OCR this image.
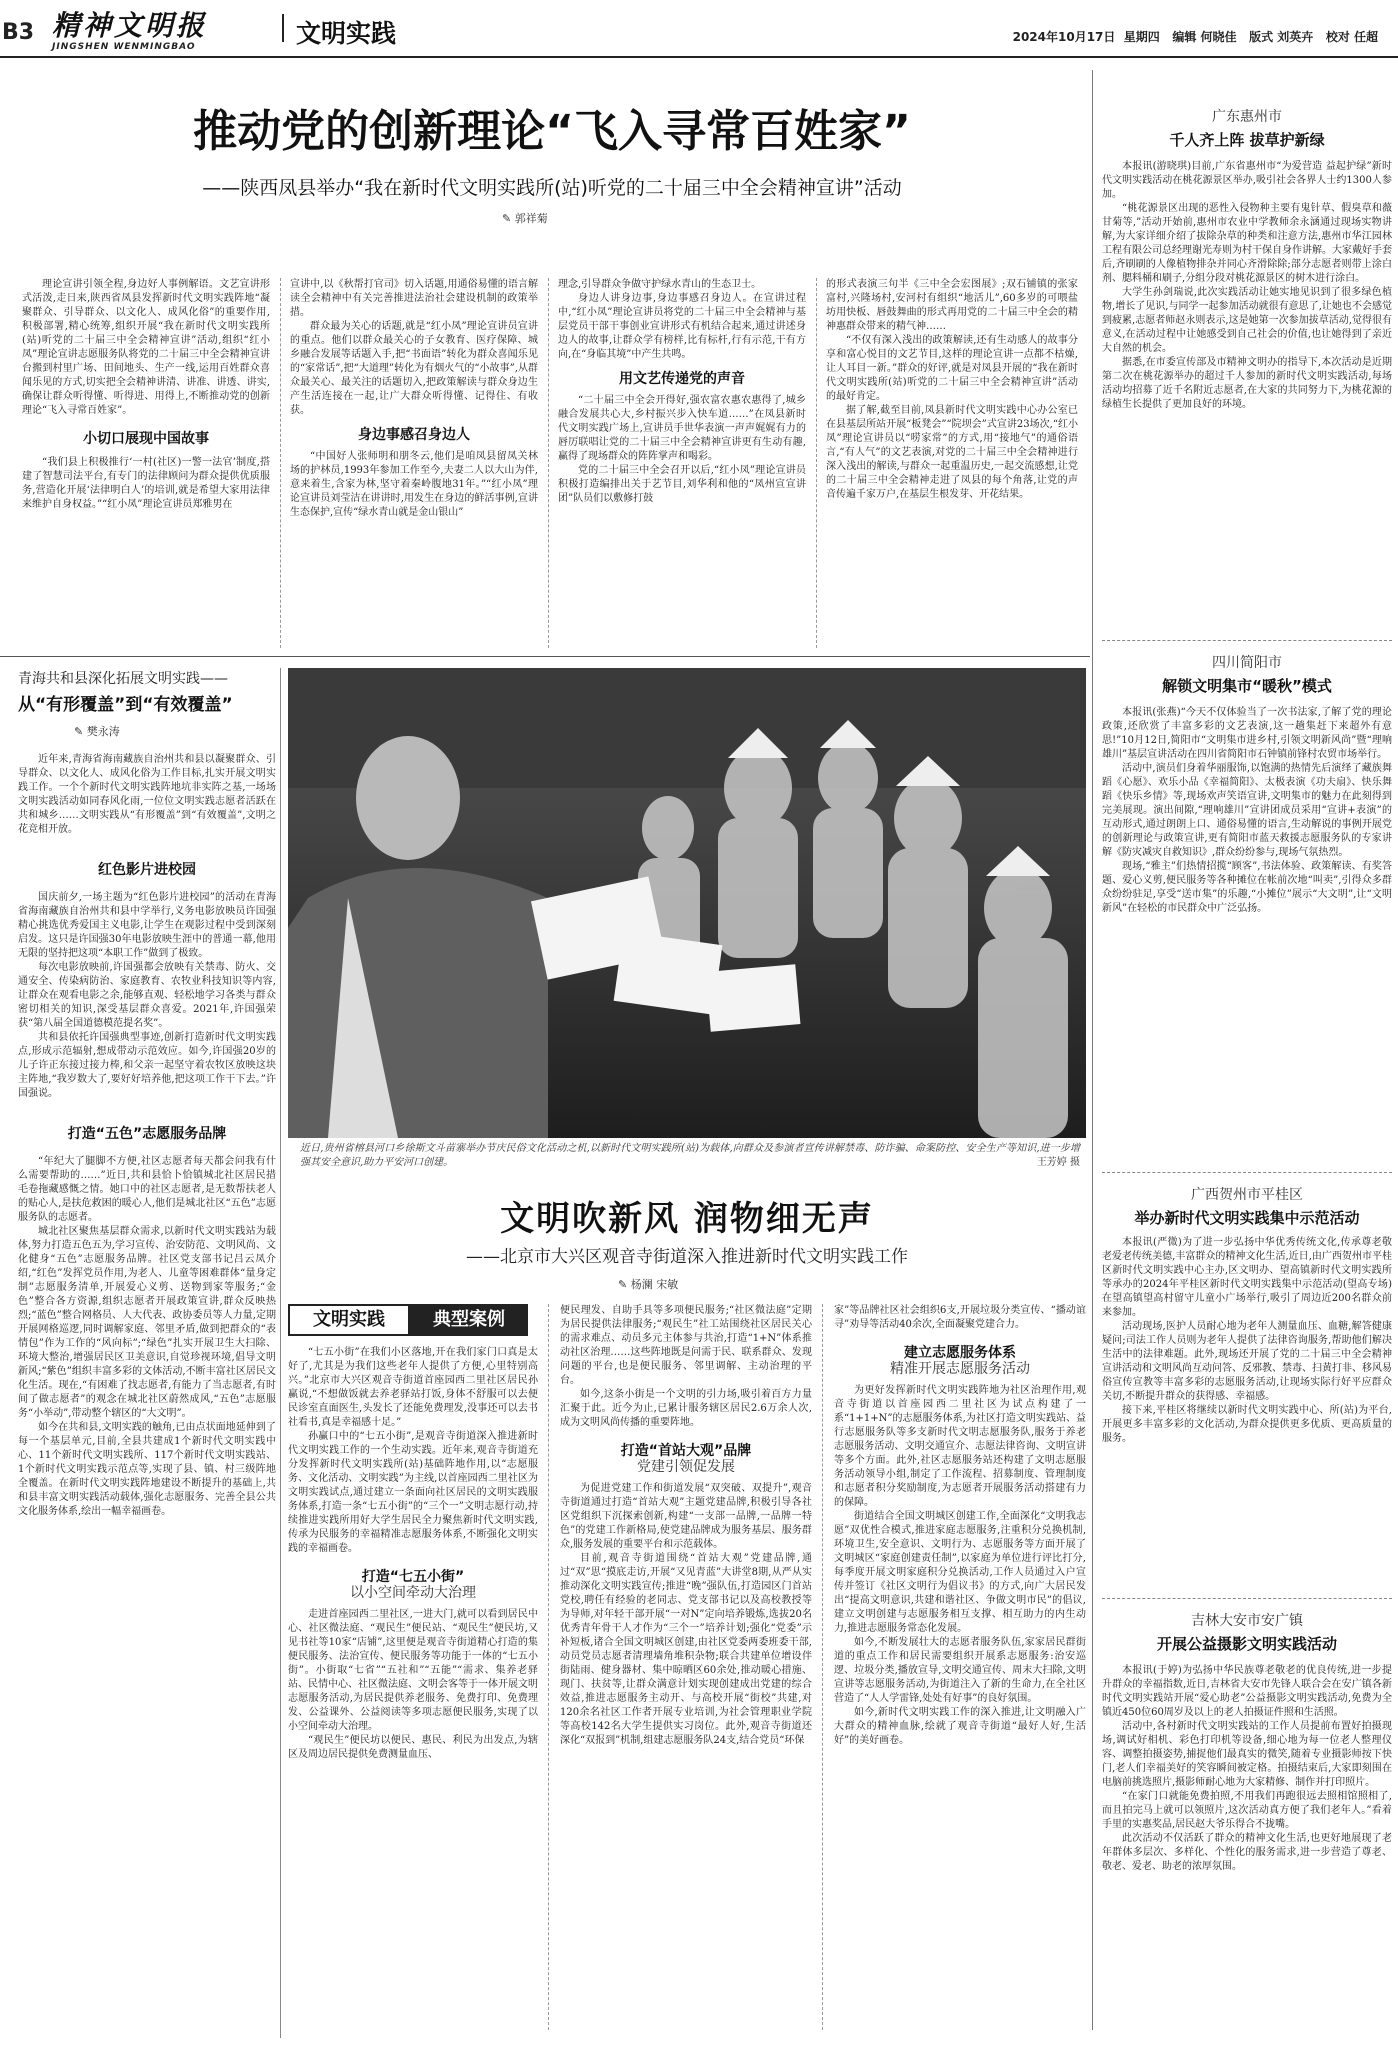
B3 精神文明报
JINGSHEN WENMINGBAO	文明实践	2024年10月17日 星期四 编辑 何晓佳 版式 刘英卉 校对 任超
推动党的创新理论“飞入寻常百姓家”
——陕西凤县举办“我在新时代文明实践所(站)听党的二十届三中全会精神宣讲”活动
✎ 郭祥菊

理论宣讲引领全程,身边好人事例解语。文艺宣讲形式活泼,走日来,陕西省凤县发挥新时代文明实践阵地“凝聚群众、引导群众、以文化人、成风化俗”的重要作用,积极部署,精心统筹,组织开展“我在新时代文明实践所(站)听党的二十届三中全会精神宣讲”活动,组织“红小凤”理论宣讲志愿服务队将党的二十届三中全会精神宣讲台搬到村里广场、田间地头、生产一线,运用百姓群众喜闻乐见的方式,切实把全会精神讲清、讲准、讲透、讲实,确保让群众听得懂、听得进、用得上,不断推动党的创新理论“飞入寻常百姓家”。

小切口展现中国故事

“我们县上积极推行‘一村(社区)一警一法官’制度,搭建了智慧司法平台,有专门的法律顾问为群众提供优质服务,营造化开展‘法律明白人’的培训,就是希望大家用法律来维护自身权益。”“红小凤”理论宣讲员郑雅男在

宣讲中,以《秋帮打官司》切入话题,用通俗易懂的语言解读全会精神中有关完善推进法治社会建设机制的政策举措。

群众最为关心的话题,就是“红小凤”理论宣讲员宣讲的重点。他们以群众最关心的子女教育、医疗保障、城乡融合发展等话题入手,把“书面语”转化为群众喜闻乐见的“家常话”,把“大道理”转化为有烟火气的“小故事”,从群众最关心、最关注的话题切入,把政策解读与群众身边生产生活连接在一起,让广大群众听得懂、记得住、有收获。

身边事感召身边人

“中国好人张师明和朋冬云,他们是咱凤县留凤关林场的护林员,1993年参加工作至今,夫妻二人以大山为伴,意来着生,含家为林,坚守着秦岭腹地31年。”“红小凤”理论宣讲员刘莹洁在讲讲时,用发生在身边的鲜活事例,宣讲生态保护,宣传“绿水青山就是金山银山”

理念,引导群众争做守护绿水青山的生态卫士。

身边人讲身边事,身边事感召身边人。在宣讲过程中,“红小凤”理论宣讲员将党的二十届三中全会精神与基层党员干部干事创业宣讲形式有机结合起来,通过讲述身边人的故事,让群众学有榜样,比有标杆,行有示范,干有方向,在“身临其境”中产生共鸣。

用文艺传递党的声音

“二十届三中全会开得好,强农富农惠农惠得了,城乡融合发展共心大,乡村振兴步入快车道……”在凤县新时代文明实践广场上,宣讲员手世华表演一声声娓娓有力的唇厉联唱让党的二十届三中全会精神宣讲更有生动有趣,赢得了现场群众的阵阵掌声和喝彩。

党的二十届三中全会召开以后,“红小凤”理论宣讲员积极打造编排出关于艺节目,刘华利和他的“凤州宣宣讲团”队员们以敷修打鼓

的形式表演三句半《三中全会宏图展》;双石铺镇的张家富村,兴隆场村,安河村有组织“地活儿”,60多岁的可喂盐坊用快板、唇鼓舞曲的形式再用党的二十届三中全会的精神惠群众带来的精气神……

“不仅有深入浅出的政策解读,还有生动感人的故事分享和富心悦目的文艺节目,这样的理论宣讲一点都不枯燥,让人耳目一新。”群众的好评,就是对凤县开展的“我在新时代文明实践所(站)听党的二十届三中全会精神宣讲”活动的最好肯定。

据了解,截至目前,凤县新时代文明实践中心办公室已在县基层所站开展“板凳会”“院坝会”式宣讲23场次,“红小凤”理论宣讲员以“唠家常”的方式,用“接地气”的通俗语言,“有人气”的文艺表演,对党的二十届三中全会精神进行深入浅出的解读,与群众一起重温历史,一起交流感想,让党的二十届三中全会精神走进了凤县的每个角落,让党的声音传遍千家万户,在基层生根发芽、开花结果。

广东惠州市
千人齐上阵 拔草护新绿

本报讯(游晓琪)目前,广东省惠州市“为爱营造 益起护绿”新时代文明实践活动在桃花源景区举办,吸引社会各界人士约1300人参加。

“桃花源景区出现的恶性入侵物种主要有鬼针草、假臭草和薇甘菊等,”活动开始前,惠州市农业中学教师余永涵通过现场实物讲解,为大家详细介绍了拔除杂草的种类和注意方法,惠州市华江园林工程有限公司总经理谢光寿则为村干保自身作讲解。大家戴好手套后,齐刷刷的人像植物排杂并同心齐滑除除;部分志愿者则带上涂白剂、腮料桶和刷子,分组分段对桃花源景区的树木进行涂白。

大学生孙剑瑞说,此次实践活动让她实地见识到了很多绿色植物,增长了见识,与同学一起参加活动就很有意思了,让她也不会感觉到疲累,志愿者师赵永则表示,这是她第一次参加拔草活动,觉得很有意义,在活动过程中让她感受到自己社会的价值,也让她得到了亲近大自然的机会。

据悉,在市委宣传部及市精神文明办的指导下,本次活动是近期第二次在桃花源举办的超过千人参加的新时代文明实践活动,每场活动均招募了近千名附近志愿者,在大家的共同努力下,为桃花源的绿植生长提供了更加良好的环境。

四川简阳市
解锁文明集市“暖秋”模式

本报讯(张燕)“今天不仅体验当了一次书法家,了解了党的理论政策,还欣赏了丰富多彩的文艺表演,这一趟集赶下来超外有意思!”10月12日,简阳市“文明集市进乡村,引领文明新风尚”暨“理响雄川”基层宣讲活动在四川省简阳市石钟镇前锋村农贸市场举行。

活动中,演员们身着华丽服饰,以饱满的热情先后演绎了藏族舞蹈《心愿》、欢乐小品《幸福简阳》、太极表演《功夫扇》、快乐舞蹈《快乐乡情》等,现场欢声笑语宣讲,文明集市的魅力在此刻得到完美展现。演出间隙,“理响雄川”宣讲团成员采用“宣讲+表演”的互动形式,通过朗朗上口、通俗易懂的语言,生动解说的事例开展党的创新理论与政策宣讲,更有简阳市蓝天救援志愿服务队的专家讲解《防灾减灾自救知识》,群众纷纷参与,现场气氛热烈。

现场,“雅主”们热情招揽“顾客”,书法体验、政策解读、有奖答题、爱心义剪,便民服务等各种摊位在帐前次地“叫卖”,引得众多群众纷纷驻足,享受“送市集”的乐趣,“小摊位”展示“大文明”,让“文明新风”在轻松的市民群众中广泛弘扬。

广西贺州市平桂区
举办新时代文明实践集中示范活动

本报讯(严微)为了进一步弘扬中华优秀传统文化,传承尊老敬老爱老传统美德,丰富群众的精神文化生活,近日,由广西贺州市平桂区新时代文明实践中心主办,区文明办、望高镇新时代文明实践所等承办的2024年平桂区新时代文明实践集中示范活动(望高专场)在望高镇望高村留守儿童小广场举行,吸引了周边近200名群众前来参加。

活动现场,医护人员耐心地为老年人测量血压、血糖,解答健康疑问;司法工作人员则为老年人提供了法律咨询服务,帮助他们解决生活中的法律难题。此外,现场还开展了党的二十届三中全会精神宣讲活动和文明风尚互动问答、反邪教、禁毒、扫黄打非、移风易俗宣传宣教等丰富多彩的志愿服务活动,让现场实际行好平应群众关切,不断提升群众的获得感、幸福感。

接下来,平桂区将继续以新时代文明实践中心、所(站)为平台,开展更多丰富多彩的文化活动,为群众提供更多优质、更高质量的服务。

吉林大安市安广镇
开展公益摄影文明实践活动

本报讯(于婷)为弘扬中华民族尊老敬老的优良传统,进一步提升群众的幸福指数,近日,吉林省大安市先锋人联合会在安广镇各新时代文明实践站开展“爱心助老”公益摄影文明实践活动,免费为全镇近450位60周岁及以上的老人拍摄证件照和生活照。

活动中,各村新时代文明实践站的工作人员提前布置好拍摄现场,调试好相机、彩色打印机等设备,细心地为每一位老人整理仪容、调整拍摄姿势,捕捉他们最真实的微笑,随着专业摄影师按下快门,老人们幸福美好的笑容瞬间被定格。拍摄结束后,大家即刻围在电脑前挑选照片,摄影师耐心地为大家精修、制作并打印照片。

“在家门口就能免费拍照,不用我们再跑很远去照相馆照相了,而且拍完马上就可以领照片,这次活动真方便了我们老年人。”看着手里的实惠奖品,居民赵大爷乐得合不拢嘴。

此次活动不仅活跃了群众的精神文化生活,也更好地展现了老年群体多层次、多样化、个性化的服务需求,进一步营造了尊老、敬老、爱老、助老的浓厚氛围。

青海共和县深化拓展文明实践——
从“有形覆盖”到“有效覆盖”
✎ 樊永涛

近年来,青海省海南藏族自治州共和县以凝聚群众、引导群众、以文化人、成风化俗为工作目标,扎实开展文明实践工作。一个个新时代文明实践阵地坑非实阵之基,一场场文明实践活动如同春风化雨,一位位文明实践志愿者活跃在共和城乡……文明实践从“有形覆盖”到“有效覆盖”,文明之花竞相开放。

红色影片进校园

国庆前夕,一场主题为“红色影片进校园”的活动在青海省海南藏族自治州共和县中学举行,义务电影放映员许国强精心挑选优秀爱国主义电影,让学生在观影过程中受到深刻启发。这只是许国强30年电影放映生涯中的普通一幕,他用无限的坚持把这项“本职工作”做到了极致。

每次电影放映前,许国强都会放映有关禁毒、防火、交通安全、传染病防治、家庭教育、农牧业科技知识等内容,让群众在观看电影之余,能够直观、轻松地学习各类与群众密切相关的知识,深受基层群众喜爱。2021年,许国强荣获“第八届全国道德模范提名奖”。

共和县依托许国强典型事迹,创新打造新时代文明实践点,形成示范辐射,想成带动示范效应。如今,许国强20岁的儿子许正东接过接力棒,和父亲一起坚守着农牧区放映这块主阵地,“我岁数大了,要好好培养他,把这项工作干下去。”许国强说。

打造“五色”志愿服务品牌

“年纪大了腿脚不方便,社区志愿者每天都会问我有什么需要帮助的……”近日,共和县恰卜恰镇城北社区居民措毛卷拖藏感慨之情。她口中的社区志愿者,是无数帮扶老人的贴心人,是扶危救困的暖心人,他们是城北社区“五色”志愿服务队的志愿者。

城北社区聚焦基层群众需求,以新时代文明实践站为载体,努力打造五色五为,学习宣传、治安防范、文明风尚、文化健身“五色”志愿服务品牌。社区党支部书记吕云凤介绍,“红色”发挥党员作用,为老人、儿童等困难群体“量身定制”志愿服务清单,开展爱心义剪、送物到家等服务;“金色”整合各方资源,组织志愿者开展政策宣讲,群众反映热烈;“蓝色”整合网格员、人大代表、政协委员等人力量,定期开展网格巡逻,同时调解家庭、邻里矛盾,做到把群众的“表情包”作为工作的“风向标”;“绿色”扎实开展卫生大扫除、环境大整治,增强居民区卫美意识,自觉珍视环境,倡导文明新风;“紫色”组织丰富多彩的文体活动,不断丰富社区居民文化生活。现在,“有困难了找志愿者,有能力了当志愿者,有时间了做志愿者”的观念在城北社区蔚然成风,“五色”志愿服务“小举动”,带动整个辖区的“大文明”。

如今在共和县,文明实践的触角,已由点状面地延伸到了每一个基层单元,目前,全县共建成1个新时代文明实践中心、11个新时代文明实践所、117个新时代文明实践站、1个新时代文明实践示范点等,实现了县、镇、村三级阵地全覆盖。在新时代文明实践阵地建设不断提升的基础上,共和县丰富文明实践活动载体,强化志愿服务、完善全县公共文化服务体系,绘出一幅幸福画卷。

近日,贵州省榕县河口乡徐斯文斗苗寨举办节庆民俗文化活动之机,以新时代文明实践所(站)为载体,向群众及参演者宣传讲解禁毒、防诈骗、命案防控、安全生产等知识,进一步增强其安全意识,助力平安河口创建。	王芳婷 摄
文明吹新风 润物细无声
——北京市大兴区观音寺街道深入推进新时代文明实践工作
✎ 杨澜 宋敏
文明实践	典型案例

“七五小街”在我们小区落地,开在我们家门口真是太好了,尤其是为我们这些老年人提供了方便,心里特别高兴。”北京市大兴区观音寺街道首座园西二里社区居民孙赢说,“不想做饭就去养老驿站打饭,身体不舒服可以去便民诊室直面医生,头发长了还能免费理发,没事还可以去书社看书,真是幸福感十足。”

孙赢口中的“七五小街”,是观音寺街道深入推进新时代文明实践工作的一个生动实践。近年来,观音寺街道充分发挥新时代文明实践所(站)基础阵地作用,以“志愿服务、文化活动、文明实践”为主线,以首座园西二里社区为文明实践试点,通过建立一条面向社区居民的文明实践服务体系,打造一条“七五小街”的“三个一”文明志愿行动,持续推进实践所用好大学生居民全力聚焦新时代文明实践,传承为民服务的幸福精准志愿服务体系,不断强化文明实践的幸福画卷。

打造“七五小街”
以小空间牵动大治理

走进首座园西二里社区,一进大门,就可以看到居民中心、社区微法庭、“观民生”便民站、“观民生”便民坊,又见书社等10家“店铺”,这里便是观音寺街道精心打造的集便民服务、法治宣传、便民服务等功能于一体的“七五小街”。小街取“七省”“五社和”“五能”“需求、集养老驿站、民情中心、社区微法庭、文明会客等于一体开展文明志愿服务活动,为居民提供养老服务、免费打印、免费理发、公益课外、公益阅读等多项志愿便民服务,实现了以小空间牵动大治理。

“观民生”便民坊以便民、惠民、利民为出发点,为辖区及周边居民提供免费测量血压、

便民理发、自助手具等多项便民服务;“社区微法庭”定期为居民提供法律服务;“观民生”社工站围绕社区居民关心的需求难点、动员多元主体参与共治,打造“1+N”体系推动社区治理……这些阵地既是问需于民、联系群众、发现问题的平台,也是便民服务、邻里调解、主动治理的平台。

如今,这条小街是一个文明的引力场,吸引着百方力量汇聚于此。近今为止,已累计服务辖区居民2.6万余人次,成为文明风尚传播的重要阵地。

打造“首站大观”品牌
党建引领促发展

为促进党建工作和街道发展“双突破、双提升”,观音寺街道通过打造“首站大观”主题党建品牌,积极引导各社区党组织下沉探索创新,构建“一支部一品牌,一品牌一特色”的党建工作新格局,使党建品牌成为服务基层、服务群众,服务发展的重要平台和示范载体。

目前,观音寺街道围绕“首站大观”党建品牌,通过“双”思“摸底走访,开展“又见青蓝”大讲堂8期,从严从实推动深化文明实践宣传;推进“晚”强队伍,打造园区门首站党校,聘任有经验的老同志、党支部书记以及高校教授等为导师,对年轻干部开展“一对N”定向培养锻炼,选拔20名优秀青年骨干人才作为“三个一”培养计划;强化“党委”示补短板,诸合全国文明城区创建,由社区党委两委班委干部,动员党员志愿者清理墙角堆积杂物;联合共建单位增设伴街陆雨、健身器材、集中晾晒区60余处,推动暖心措施、现门、扶贫等,让群众满意计划实现创建成出党建的综合效益,推进志愿服务主动开、与高校开展“街校”共建,对120余名社区工作者开展专业培训,为社会管理职业学院等高校142名大学生提供实习岗位。此外,观音寺街道还深化“双报到”机制,组建志愿服务队24支,结合党员“环保

家”等品牌社区社会组织6支,开展垃圾分类宣传、“播动谊寻”劝导等活动40余次,全面凝聚党建合力。

建立志愿服务体系
精准开展志愿服务活动

为更好发挥新时代文明实践阵地为社区治理作用,观音寺街道以首座园西二里社区为试点构建了一系“1+1+N”的志愿服务体系,为社区打造文明实践站、益行志愿服务队等多支新时代文明志愿服务队,服务于养老志愿服务活动、文明交通宣介、志愿法律咨询、文明宣讲等多个方面。此外,社区志愿服务站还构建了文明志愿服务活动领导小组,制定了工作流程、招募制度、管理制度和志愿者积分奖励制度,为志愿者开展服务活动搭建有力的保障。

街道结合全国文明城区创建工作,全面深化“文明我志愿”双优性合模式,推进家庭志愿服务,注重积分兑换机制,环境卫生,安全意识、文明行为、志愿服务等方面开展了文明城区“家庭创建责任制”,以家庭为单位进行评比打分,每季度开展文明家庭积分兑换活动,工作人员通过入户宣传并签订《社区文明行为倡议书》的方式,向广大居民发出“提高文明意识,共建和谐社区、争做文明市民”的倡议,建立文明创建与志愿服务相互支撑、相互助力的内生动力,推进志愿服务常态化发展。

如今,不断发展壮大的志愿者服务队伍,家家居民群街道的重点工作和居民需要组织开展系志愿服务:治安巡逻、垃圾分类,播放宣导,文明交通宣传、周末大扫除,文明宣讲等志愿服务活动,为街道注入了新的生命力,在全社区营造了“人人学雷锋,处处有好事”的良好氛围。

如今,新时代文明实践工作的深入推进,让文明融入广大群众的精神血脉,绘就了观音寺街道“最好人好,生活好”的美好画卷。
